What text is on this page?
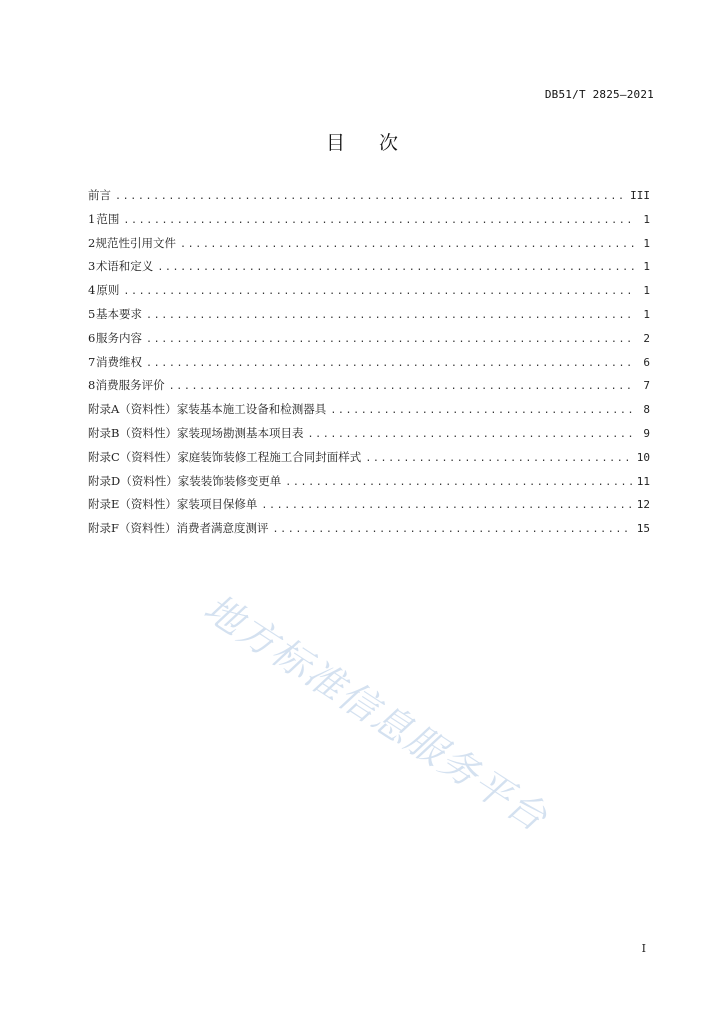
DB51/T 2825—2021
目次
前言 .....	III
1 范围 .....	1
2 规范性引用文件 .....	1
3 术语和定义 .....	1
4 原则 .....	1
5 基本要求 .....	1
6 服务内容 .....	2
7 消费维权 .....	6
8 消费服务评价 .....	7
附录A（资料性） 家装基本施工设备和检测器具 .....	8
附录B（资料性） 家装现场勘测基本项目表 .....	9
附录C（资料性） 家庭装饰装修工程施工合同封面样式 .....	10
附录D（资料性） 家装装饰装修变更单 .....	11
附录E（资料性） 家装项目保修单 .....	12
附录F（资料性） 消费者满意度测评 .....	15
地方标准信息服务平台
I
